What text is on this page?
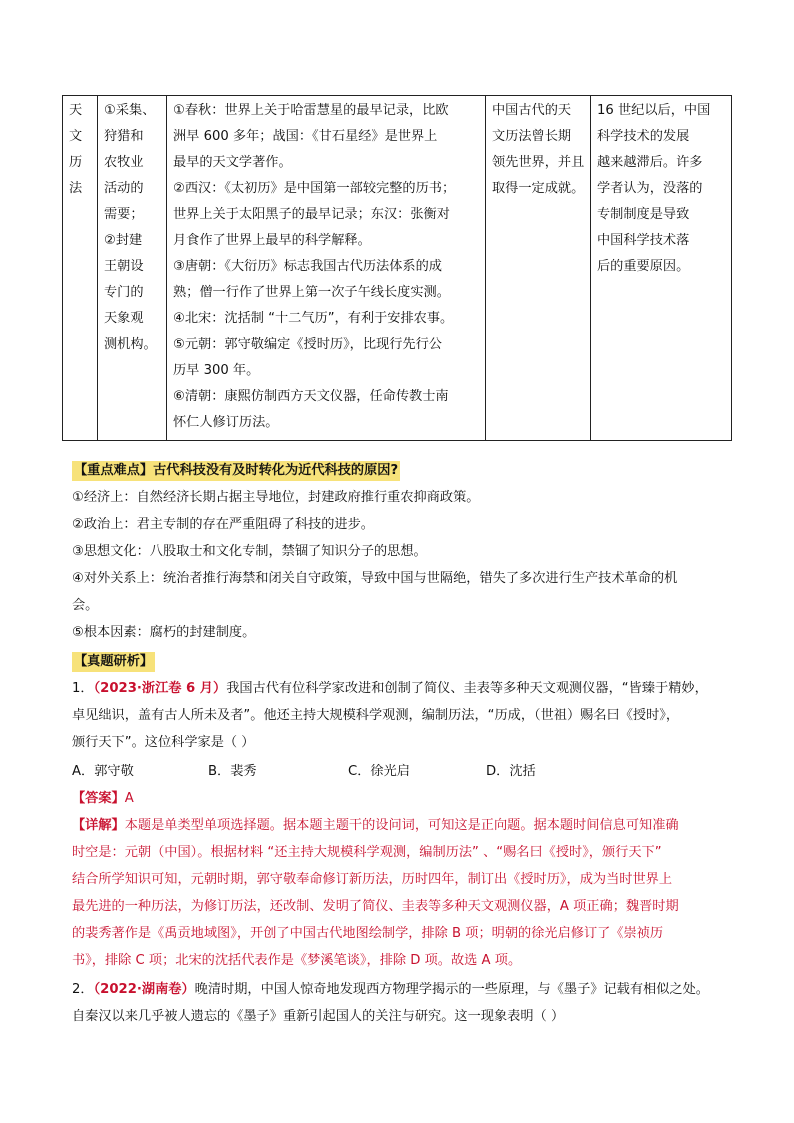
天
文
历
法

①采集、
狩猎和
农牧业
活动的
需要；
②封建
王朝设
专门的
天象观
测机构。

①春秋：世界上关于哈雷慧星的最早记录，比欧
洲早 600 多年；战国：《甘石星经》是世界上
最早的天文学著作。
②西汉：《太初历》是中国第一部较完整的历书；
世界上关于太阳黑子的最早记录；东汉：张衡对
月食作了世界上最早的科学解释。
③唐朝：《大衍历》标志我国古代历法体系的成
熟；僧一行作了世界上第一次子午线长度实测。
④北宋：沈括制 “十二气历”，有利于安排农事。
⑤元朝：郭守敬编定《授时历》，比现行先行公
历早 300 年。
⑥清朝：康熙仿制西方天文仪器，任命传教士南
怀仁人修订历法。

中国古代的天
文历法曾长期
领先世界，并且
取得一定成就。

16 世纪以后，中国
科学技术的发展
越来越滞后。许多
学者认为，没落的
专制制度是导致
中国科学技术落
后的重要原因。
【重点难点】古代科技没有及时转化为近代科技的原因?
①经济上：自然经济长期占据主导地位，封建政府推行重农抑商政策。
②政治上：君主专制的存在严重阻碍了科技的进步。
③思想文化：八股取士和文化专制，禁锢了知识分子的思想。
④对外关系上：统治者推行海禁和闭关自守政策，导致中国与世隔绝，错失了多次进行生产技术革命的机
会。
⑤根本因素：腐朽的封建制度。
【真题研析】
1．（2023·浙江卷 6 月）我国古代有位科学家改进和创制了简仪、圭表等多种天文观测仪器，“皆臻于精妙，
卓见绌识，盖有古人所未及者”。他还主持大规模科学观测，编制历法，“历成，（世祖）赐名曰《授时》，
颁行天下”。这位科学家是（ ）
A．郭守敬	B．裴秀	C．徐光启	D．沈括
【答案】A
【详解】本题是单类型单项选择题。据本题主题干的设问词，可知这是正向题。据本题时间信息可知准确
时空是：元朝（中国）。根据材料 “还主持大规模科学观测，编制历法” 、“赐名曰《授时》，颁行天下”
结合所学知识可知，元朝时期，郭守敬奉命修订新历法，历时四年，制订出《授时历》，成为当时世界上
最先进的一种历法，为修订历法，还改制、发明了简仪、圭表等多种天文观测仪器，A 项正确；魏晋时期
的裴秀著作是《禹贡地域图》，开创了中国古代地图绘制学，排除 B 项；明朝的徐光启修订了《崇祯历
书》，排除 C 项；北宋的沈括代表作是《梦溪笔谈》，排除 D 项。故选 A 项。
2．（2022·湖南卷）晚清时期，中国人惊奇地发现西方物理学揭示的一些原理，与《墨子》记载有相似之处。
自秦汉以来几乎被人遗忘的《墨子》重新引起国人的关注与研究。这一现象表明（ ）
